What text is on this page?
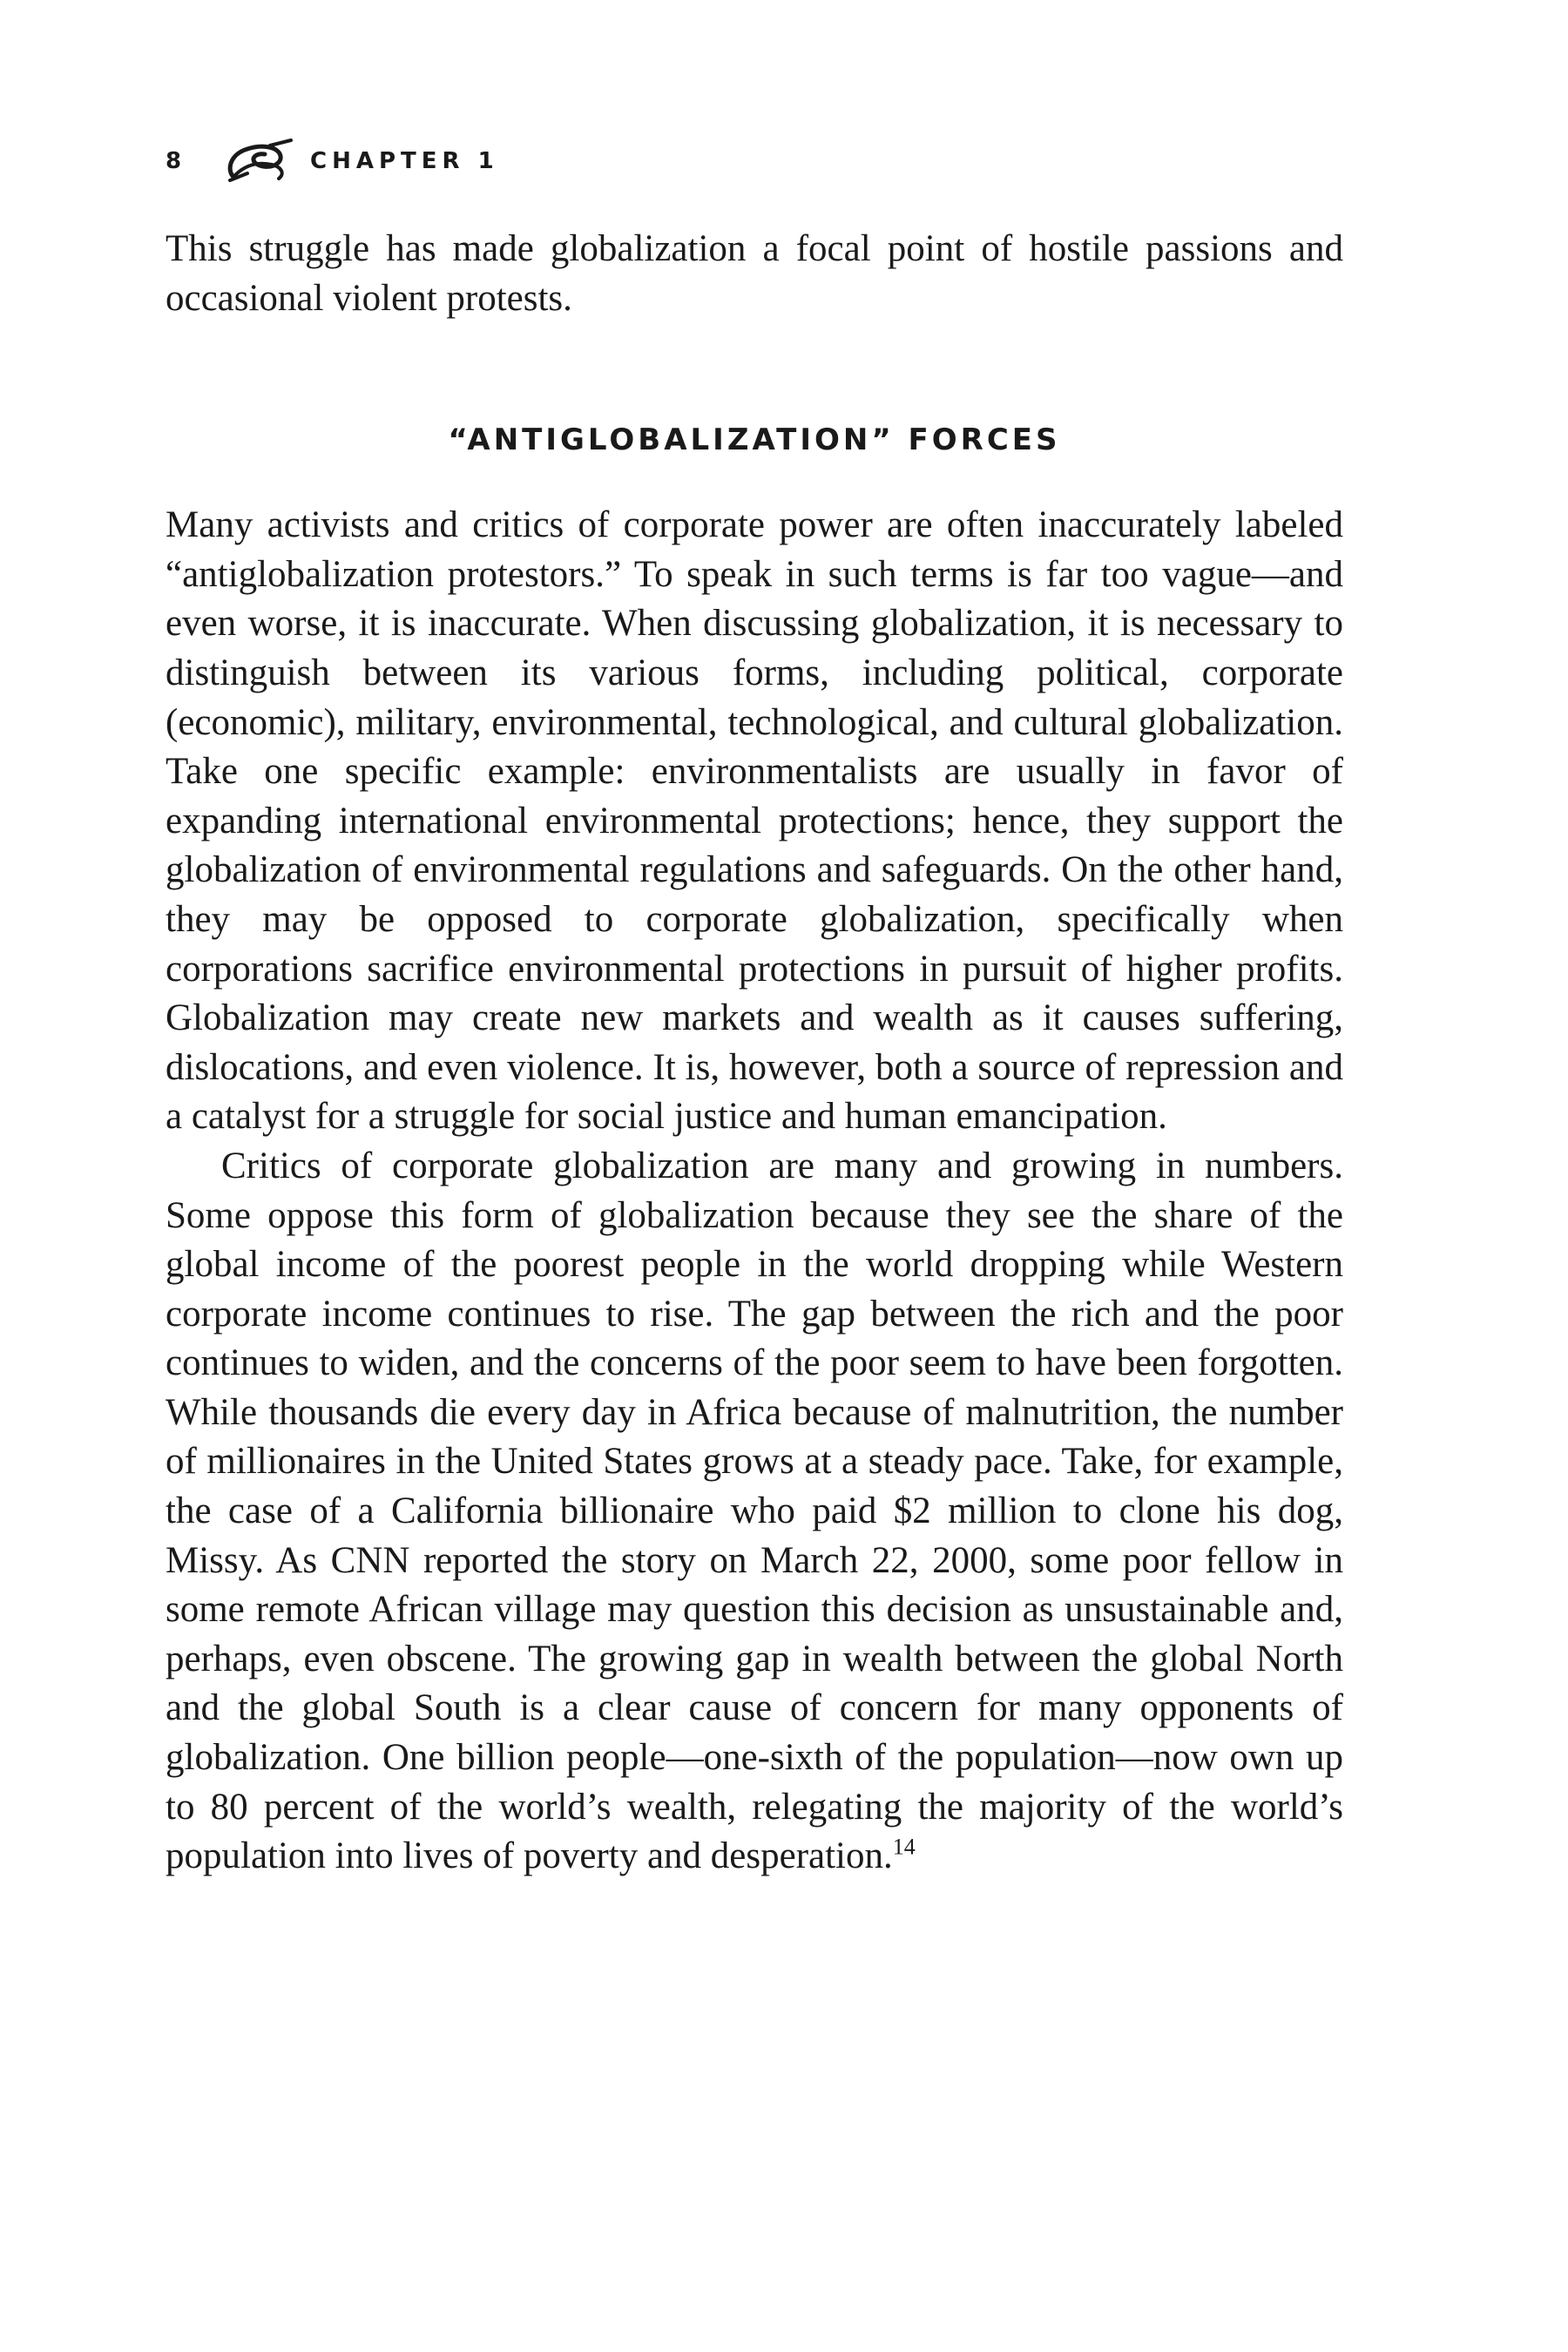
8	CHAPTER 1

This struggle has made globalization a focal point of hostile passions and occasional violent protests.

“ANTIGLOBALIZATION” FORCES

Many activists and critics of corporate power are often inaccurately labeled “antiglobalization protestors.” To speak in such terms is far too vague—and even worse, it is inaccurate. When discussing globalization, it is necessary to distinguish between its various forms, including political, corporate (economic), military, environmental, technological, and cultural globalization. Take one specific example: environmentalists are usually in favor of expanding international environmental protections; hence, they support the globalization of environmental regulations and safeguards. On the other hand, they may be opposed to corporate globalization, specifically when corporations sacrifice environmental protections in pursuit of higher profits. Globalization may create new markets and wealth as it causes suffering, dislocations, and even violence. It is, however, both a source of repression and a catalyst for a struggle for social justice and human emancipation.

Critics of corporate globalization are many and growing in numbers. Some oppose this form of globalization because they see the share of the global income of the poorest people in the world dropping while Western corporate income continues to rise. The gap between the rich and the poor continues to widen, and the concerns of the poor seem to have been forgotten. While thousands die every day in Africa because of malnutrition, the number of millionaires in the United States grows at a steady pace. Take, for example, the case of a California billionaire who paid $2 million to clone his dog, Missy. As CNN reported the story on March 22, 2000, some poor fellow in some remote African village may question this decision as unsustainable and, perhaps, even obscene. The growing gap in wealth between the global North and the global South is a clear cause of concern for many opponents of globalization. One billion people—one-sixth of the population—now own up to 80 percent of the world’s wealth, relegating the majority of the world’s population into lives of poverty and desperation.$^{14}$
